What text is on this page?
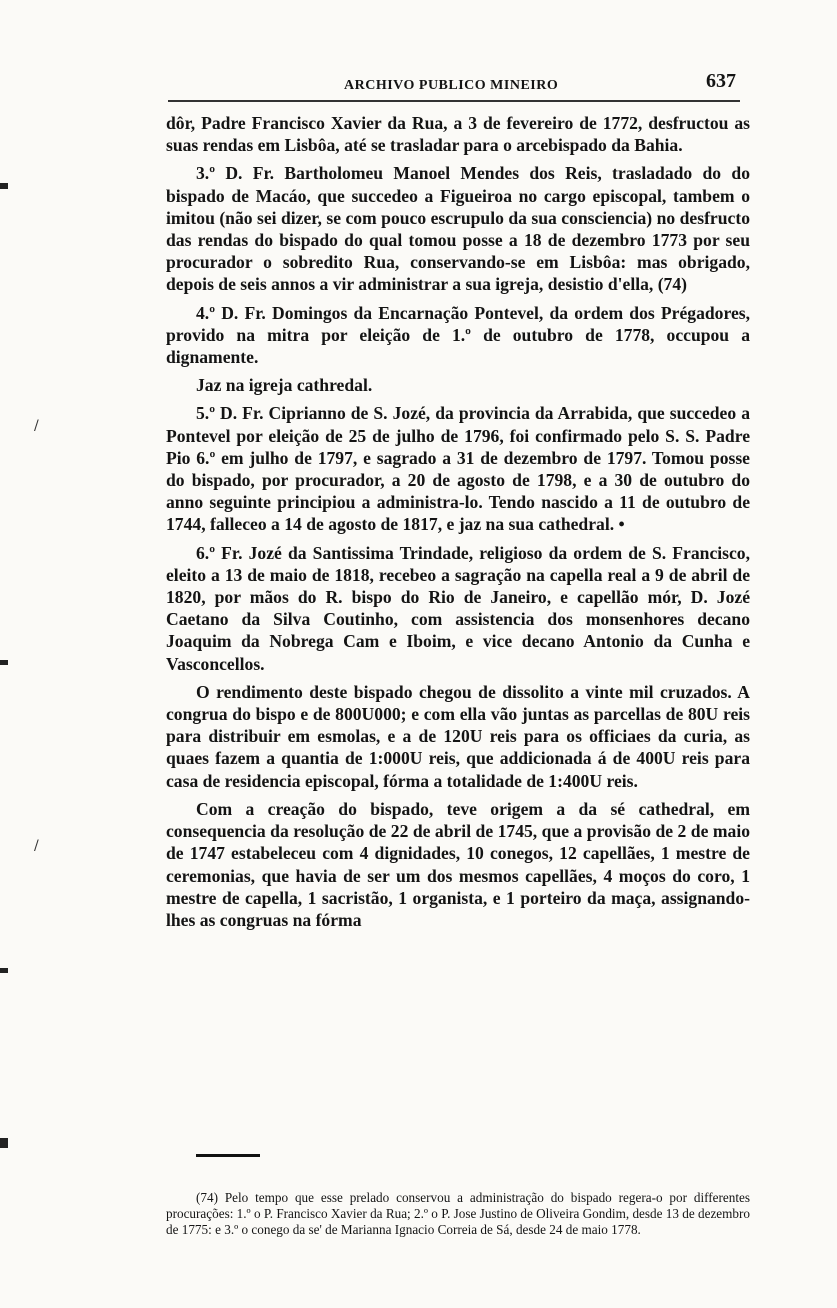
ARCHIVO PUBLICO MINEIRO	637

dôr, Padre Francisco Xavier da Rua, a 3 de fevereiro de 1772, desfructou as suas rendas em Lisbôa, até se trasladar para o arcebispado da Bahia.

3.º D. Fr. Bartholomeu Manoel Mendes dos Reis, trasladado do do bispado de Macáo, que succedeo a Figueiroa no cargo episcopal, tambem o imitou (não sei dizer, se com pouco escrupulo da sua consciencia) no desfructo das rendas do bispado do qual tomou posse a 18 de dezembro 1773 por seu procurador o sobredito Rua, conservando-se em Lisbôa: mas obrigado, depois de seis annos a vir administrar a sua igreja, desistio d'ella, (74)

4.º D. Fr. Domingos da Encarnação Pontevel, da ordem dos Prégadores, provido na mitra por eleição de 1.º de outubro de 1778, occupou a dignamente.

Jaz na igreja cathredal.

5.º D. Fr. Ciprianno de S. Jozé, da provincia da Arrabida, que succedeo a Pontevel por eleição de 25 de julho de 1796, foi confirmado pelo S. S. Padre Pio 6.º em julho de 1797, e sagrado a 31 de dezembro de 1797. Tomou posse do bispado, por procurador, a 20 de agosto de 1798, e a 30 de outubro do anno seguinte principiou a administra-lo. Tendo nascido a 11 de outubro de 1744, falleceo a 14 de agosto de 1817, e jaz na sua cathedral. •

6.º Fr. Jozé da Santissima Trindade, religioso da ordem de S. Francisco, eleito a 13 de maio de 1818, recebeo a sagração na capella real a 9 de abril de 1820, por mãos do R. bispo do Rio de Janeiro, e capellão mór, D. Jozé Caetano da Silva Coutinho, com assistencia dos monsenhores decano Joaquim da Nobrega Cam e Iboim, e vice decano Antonio da Cunha e Vasconcellos.

O rendimento deste bispado chegou de dissolito a vinte mil cruzados. A congrua do bispo e de 800U000; e com ella vão juntas as parcellas de 80U reis para distribuir em esmolas, e a de 120U reis para os officiaes da curia, as quaes fazem a quantia de 1:000U reis, que addicionada á de 400U reis para casa de residencia episcopal, fórma a totalidade de 1:400U reis.

Com a creação do bispado, teve origem a da sé cathedral, em consequencia da resolução de 22 de abril de 1745, que a provisão de 2 de maio de 1747 estabeleceu com 4 dignidades, 10 conegos, 12 capellães, 1 mestre de ceremonias, que havia de ser um dos mesmos capellães, 4 moços do coro, 1 mestre de capella, 1 sacristão, 1 organista, e 1 porteiro da maça, assignando-lhes as congruas na fórma

(74) Pelo tempo que esse prelado conservou a administração do bispado regera-o por differentes procurações: 1.º o P. Francisco Xavier da Rua; 2.º o P. Jose Justino de Oliveira Gondim, desde 13 de dezembro de 1775: e 3.º o conego da se' de Marianna Ignacio Correia de Sá, desde 24 de maio 1778.

/
/
